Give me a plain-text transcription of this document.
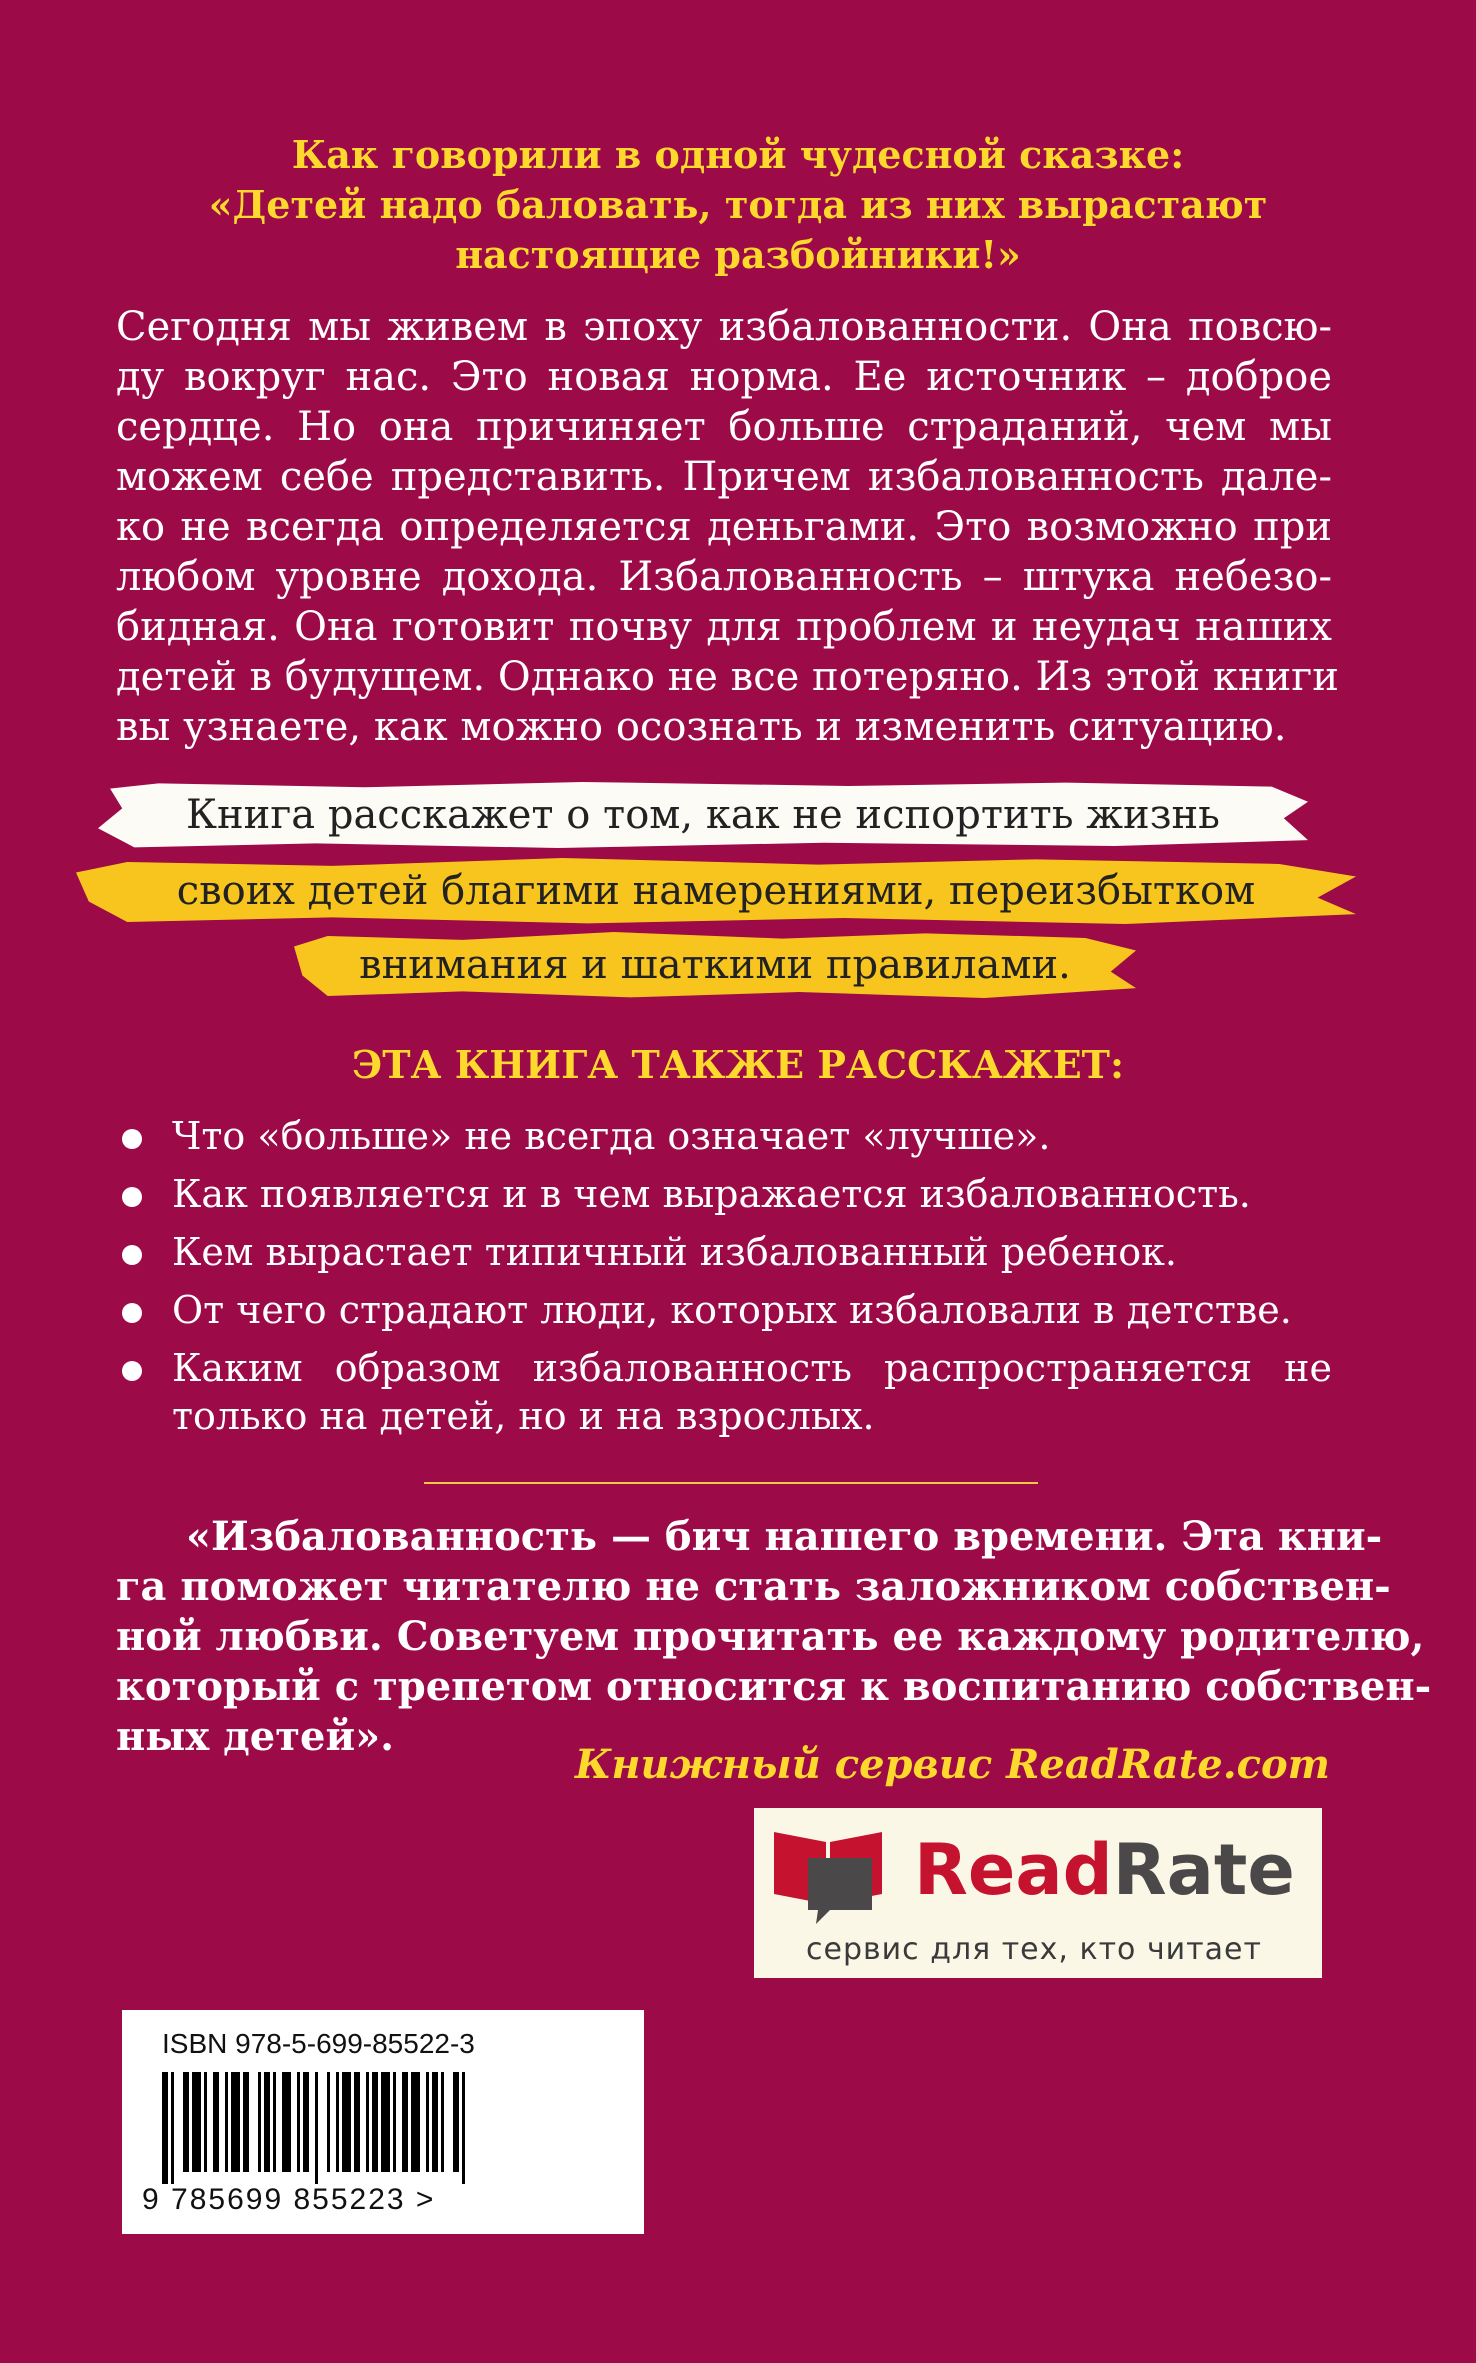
Как говорили в одной чудесной сказке:
«Детей надо баловать, тогда из них вырастают
настоящие разбойники!»
Сегодня мы живем в эпоху избалованности. Она повсю-
ду вокруг нас. Это новая норма. Ее источник – доброе
сердце. Но она причиняет больше страданий, чем мы
можем себе представить. Причем избалованность дале-
ко не всегда определяется деньгами. Это возможно при
любом уровне дохода. Избалованность – штука небезо-
бидная. Она готовит почву для проблем и неудач наших
детей в будущем. Однако не все потеряно. Из этой книги
вы узнаете, как можно осознать и изменить ситуацию.
Книга расскажет о том, как не испортить жизнь
своих детей благими намерениями, переизбытком
внимания и шаткими правилами.
ЭТА КНИГА ТАКЖЕ РАССКАЖЕТ:
Что «больше» не всегда означает «лучше».
Как появляется и в чем выражается избалованность.
Кем вырастает типичный избалованный ребенок.
От чего страдают люди, которых избаловали в детстве.
Каким образом избалованность распространяется не
только на детей, но и на взрослых.
«Избалованность — бич нашего времени. Эта кни-
га поможет читателю не стать заложником собствен-
ной любви. Советуем прочитать ее каждому родителю,
который с трепетом относится к воспитанию собствен-
ных детей».
Книжный сервис ReadRate.com
ReadRate
сервис для тех, кто читает
ISBN 978-5-699-85522-3
9 785699 855223 >
